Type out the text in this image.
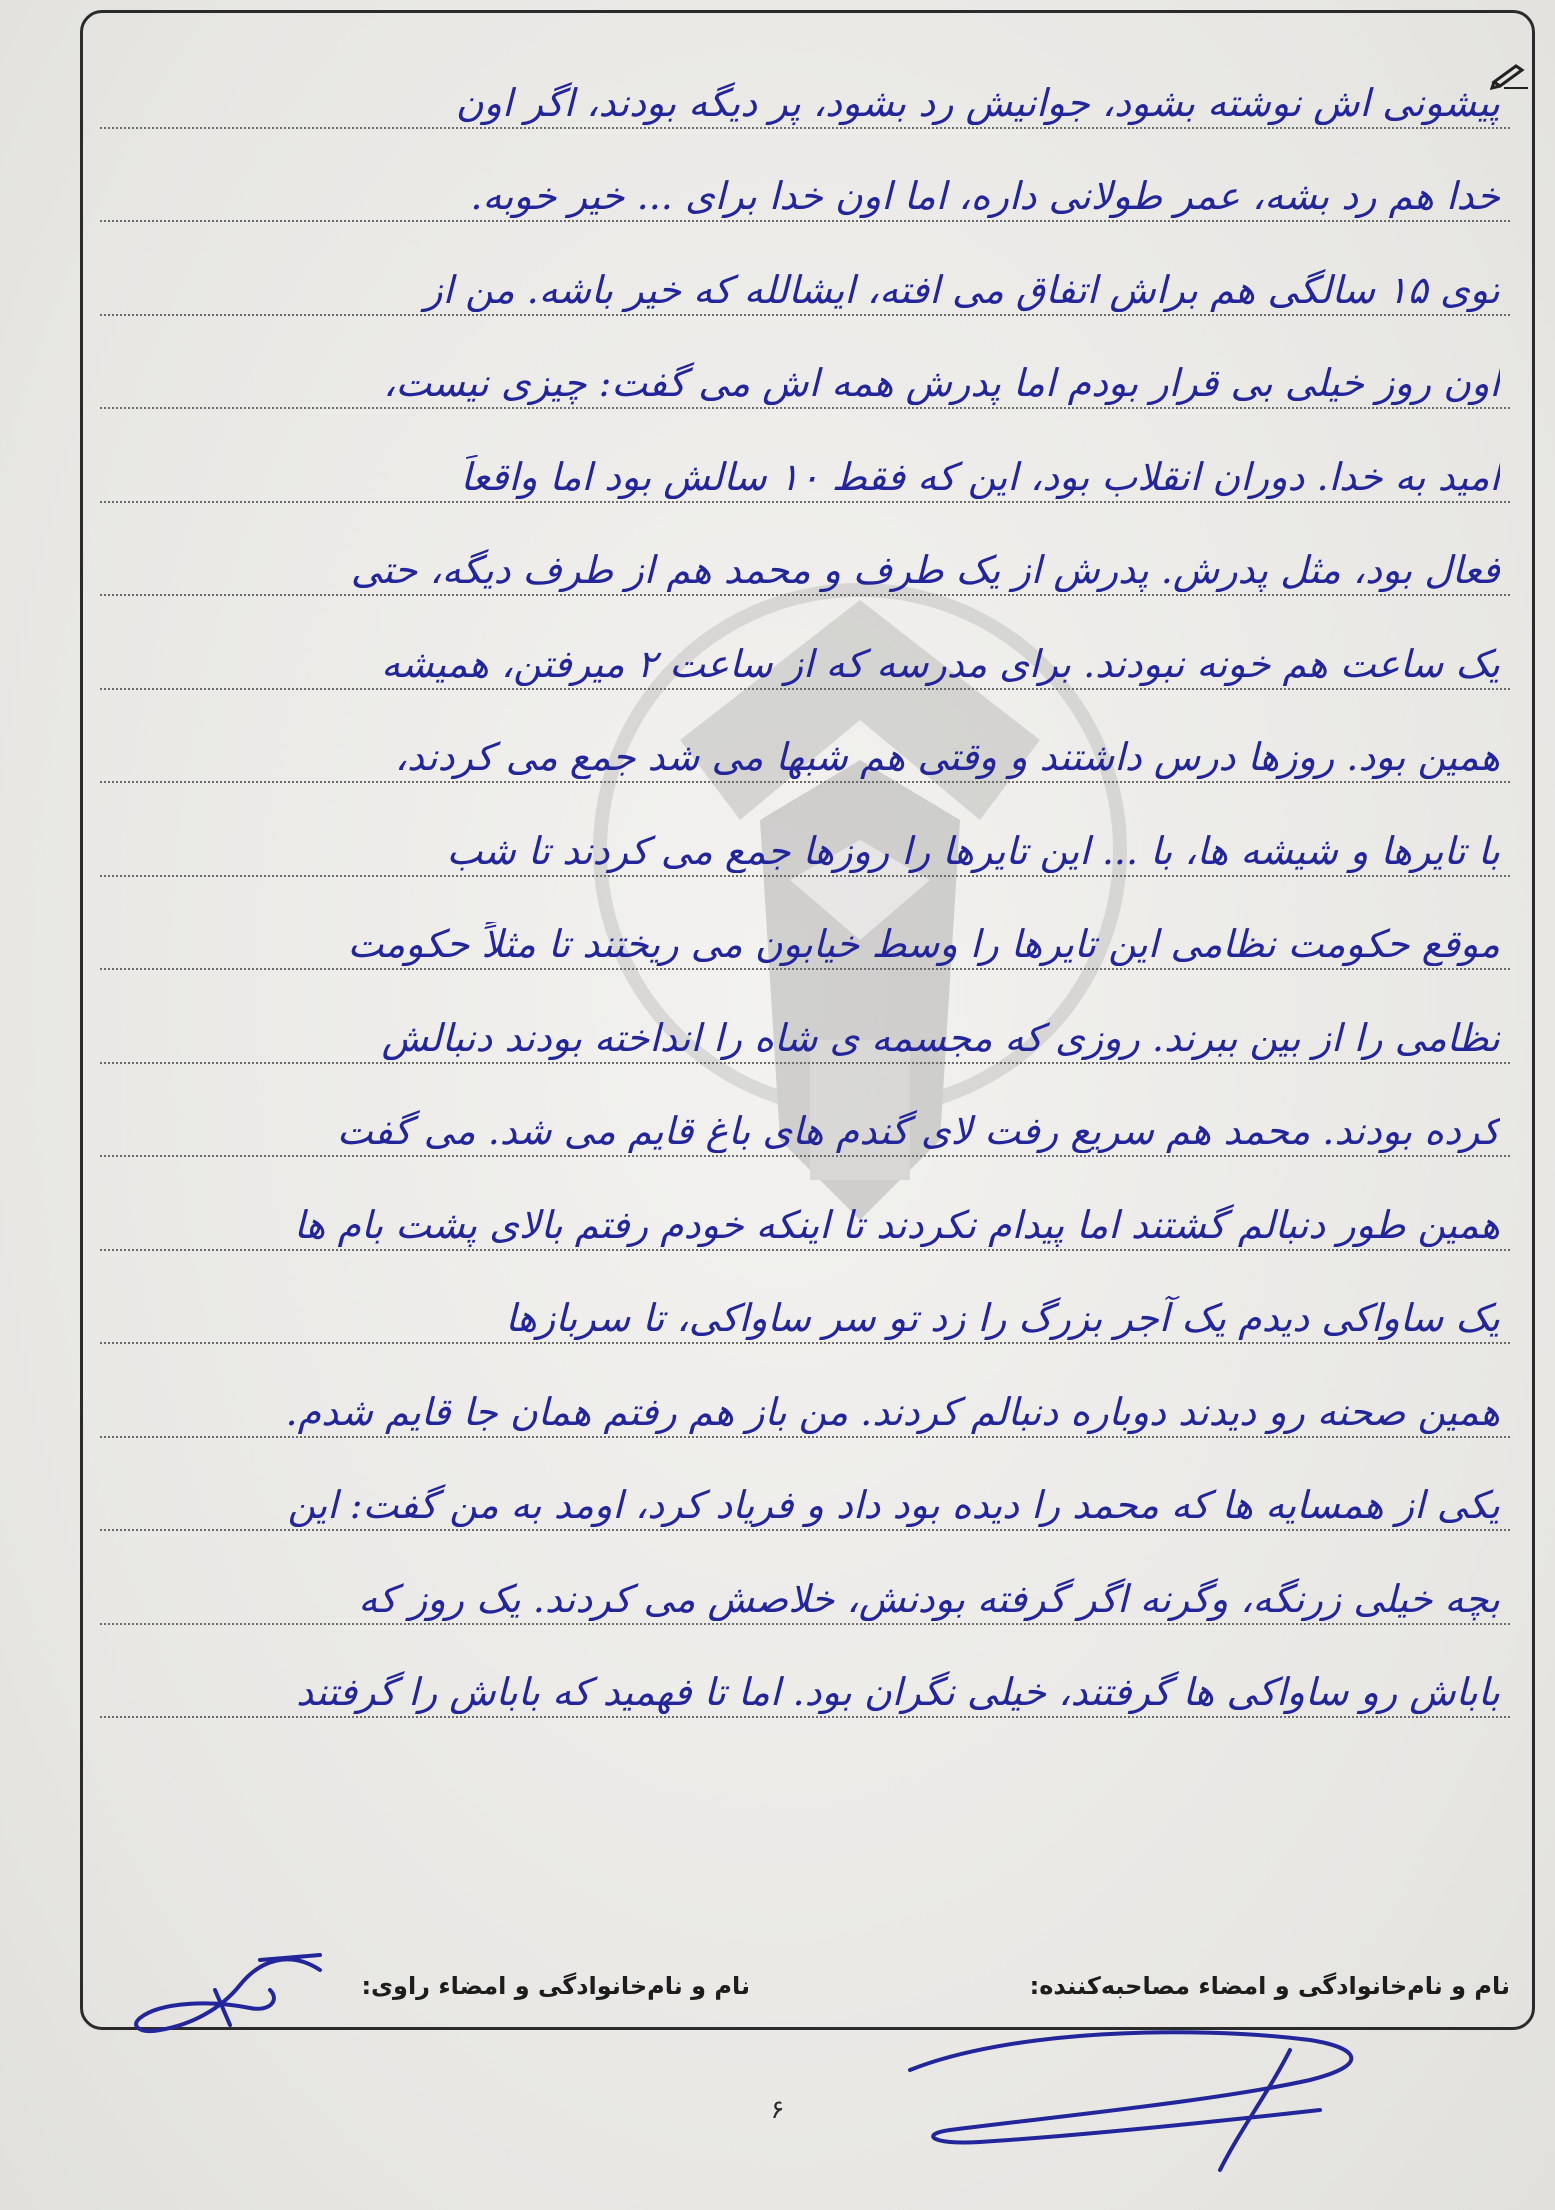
پیشونی اش نوشته بشود، جوانیش رد بشود، پر دیگه بودند، اگر اون
خدا هم رد بشه، عمر طولانی داره، اما اون خدا برای ... خیر خوبه.
توی ۱۵ سالگی هم براش اتفاق می افته، ایشالله که خیر باشه. من از
اون روز خیلی بی قرار بودم اما پدرش همه اش می گفت: چیزی نیست،
امید به خدا. دوران انقلاب بود، این که فقط ۱۰ سالش بود اما واقعاً
فعال بود، مثل پدرش. پدرش از یک طرف و محمد هم از طرف دیگه، حتی
یک ساعت هم خونه نبودند. برای مدرسه که از ساعت ۲ میرفتن، همیشه
همین بود. روزها درس داشتند و وقتی هم شبها می شد جمع می کردند،
با تایرها و شیشه ها، با ... این تایرها را روزها جمع می کردند تا شب
موقع حکومت نظامی این تایرها را وسط خیابون می ریختند تا مثلاً حکومت
نظامی را از بین ببرند. روزی که مجسمه ی شاه را انداخته بودند دنبالش
کرده بودند. محمد هم سریع رفت لای گندم های باغ قایم می شد. می گفت
همین طور دنبالم گشتند اما پیدام نکردند تا اینکه خودم رفتم بالای پشت بام ها
یک ساواکی دیدم یک آجر بزرگ را زد تو سر ساواکی، تا سربازها
همین صحنه رو دیدند دوباره دنبالم کردند. من باز هم رفتم همان جا قایم شدم.
یکی از همسایه ها که محمد را دیده بود داد و فریاد کرد، اومد به من گفت: این
بچه خیلی زرنگه، وگرنه اگر گرفته بودنش، خلاصش می کردند. یک روز که
باباش رو ساواکی ها گرفتند، خیلی نگران بود. اما تا فهمید که باباش را گرفتند
نام و نام‌خانوادگی و امضاء مصاحبه‌کننده:
نام و نام‌خانوادگی و امضاء راوی:
۶
